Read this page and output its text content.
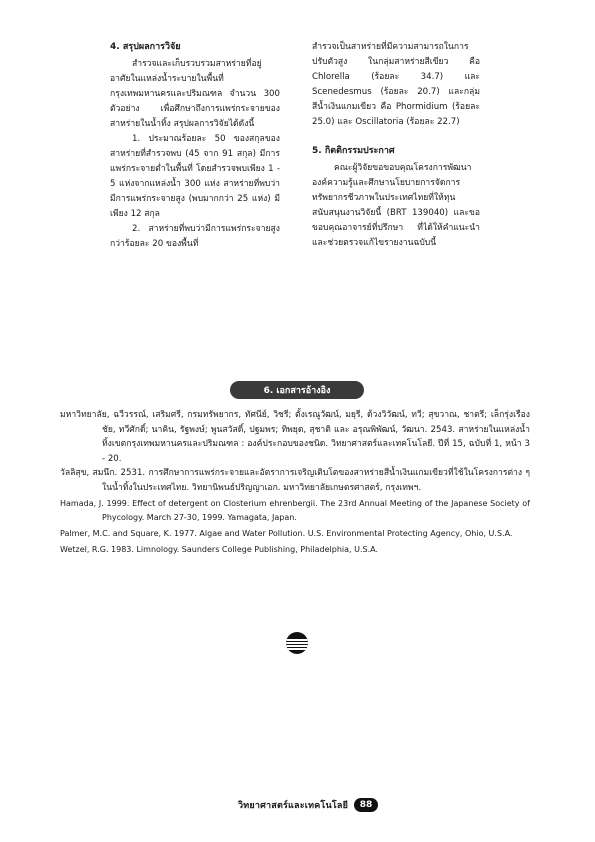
4. สรุปผลการวิจัย

สำรวจและเก็บรวบรวมสาหร่ายที่อยู่อาศัยในแหล่งน้ำระบายในพื้นที่กรุงเทพมหานครและปริมณฑล จำนวน 300 ตัวอย่าง เพื่อศึกษาถึงการแพร่กระจายของสาหร่ายในน้ำทิ้ง สรุปผลการวิจัยได้ดังนี้

1. ประมาณร้อยละ 50 ของสกุลของสาหร่ายที่สำรวจพบ (45 จาก 91 สกุล) มีการแพร่กระจายต่ำในพื้นที่ โดยสำรวจพบเพียง 1 - 5 แห่งจากแหล่งน้ำ 300 แห่ง สาหร่ายที่พบว่ามีการแพร่กระจายสูง (พบมากกว่า 25 แห่ง) มีเพียง 12 สกุล

2. สาหร่ายที่พบว่ามีการแพร่กระจายสูงกว่าร้อยละ 20 ของพื้นที่

สำรวจเป็นสาหร่ายที่มีความสามารถในการปรับตัวสูง ในกลุ่มสาหร่ายสีเขียว คือ Chlorella (ร้อยละ 34.7) และ Scenedesmus (ร้อยละ 20.7) และกลุ่มสีน้ำเงินแกมเขียว คือ Phormidium (ร้อยละ 25.0) และ Oscillatoria (ร้อยละ 22.7)

5. กิตติกรรมประกาศ

คณะผู้วิจัยขอขอบคุณโครงการพัฒนาองค์ความรู้และศึกษานโยบายการจัดการทรัพยากรชีวภาพในประเทศไทยที่ให้ทุนสนับสนุนงานวิจัยนี้ (BRT 139040) และขอขอบคุณอาจารย์ที่ปรึกษา ที่ได้ให้คำแนะนำและช่วยตรวจแก้ไขรายงานฉบับนี้

6. เอกสารอ้างอิง

มหาวิทยาลัย, ฉวีวรรณ์, เสริมศรี, กรมทรัพยากร, ทัศนีย์, วิชรี; ตั้งเรณูวัฒน์, มยุรี, ด้วงวิวัฒน์, ทวี; สุขวาณ, ชาตรี; เล็กรุ่งเรืองชัย, ทวีศักดิ์; นาคิน, รัฐพงษ์; พูนสวัสดิ์, ปฐมพร; ทิพยุด, สุชาติ และ อรุณพิพัฒน์, วัฒนา. 2543. สาหร่ายในแหล่งน้ำทิ้งเขตกรุงเทพมหานครและปริมณฑล : องค์ประกอบของชนิด. วิทยาศาสตร์และเทคโนโลยี. ปีที่ 15, ฉบับที่ 1, หน้า 3 - 20.

วัลลิสุข, สมนึก. 2531. การศึกษาการแพร่กระจายและอัตราการเจริญเติบโตของสาหร่ายสีน้ำเงินแกมเขียวที่ใช้ในโครงการต่าง ๆ ในน้ำทิ้งในประเทศไทย. วิทยานิพนธ์ปริญญาเอก. มหาวิทยาลัยเกษตรศาสตร์, กรุงเทพฯ.

Hamada, J. 1999. Effect of detergent on Closterium ehrenbergii. The 23rd Annual Meeting of the Japanese Society of Phycology. March 27-30, 1999. Yamagata, Japan.

Palmer, M.C. and Square, K. 1977. Algae and Water Pollution. U.S. Environmental Protecting Agency, Ohio, U.S.A.

Wetzel, R.G. 1983. Limnology. Saunders College Publishing, Philadelphia, U.S.A.

วิทยาศาสตร์และเทคโนโลยี	88
